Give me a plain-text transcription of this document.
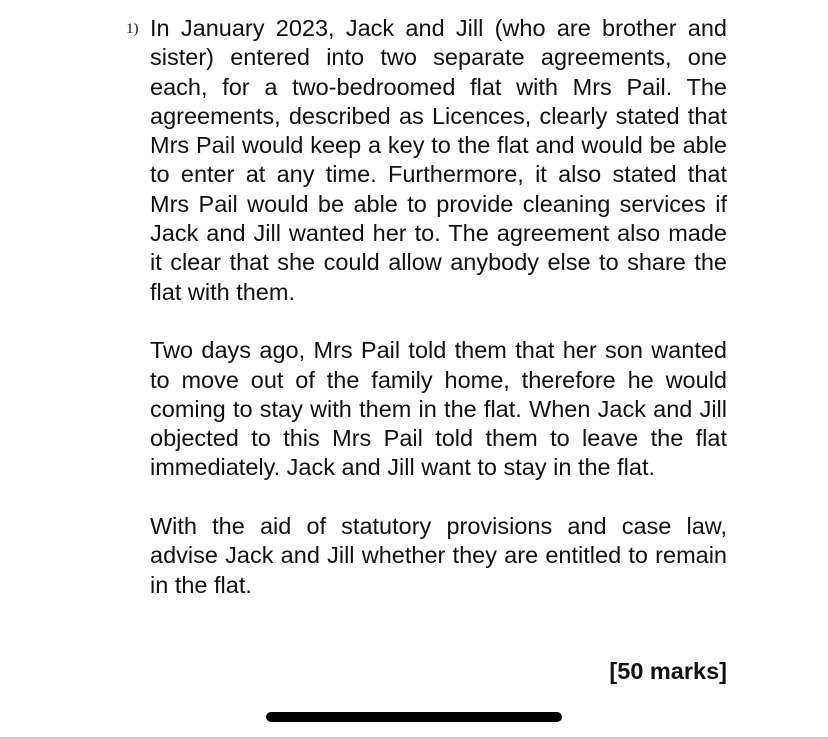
1) In January 2023, Jack and Jill (who are brother and sister) entered into two separate agreements, one each, for a two-bedroomed flat with Mrs Pail. The agreements, described as Licences, clearly stated that Mrs Pail would keep a key to the flat and would be able to enter at any time. Furthermore, it also stated that Mrs Pail would be able to provide cleaning services if Jack and Jill wanted her to. The agreement also made it clear that she could allow anybody else to share the flat with them.

Two days ago, Mrs Pail told them that her son wanted to move out of the family home, therefore he would coming to stay with them in the flat. When Jack and Jill objected to this Mrs Pail told them to leave the flat immediately. Jack and Jill want to stay in the flat.

With the aid of statutory provisions and case law, advise Jack and Jill whether they are entitled to remain in the flat.

[50 marks]
